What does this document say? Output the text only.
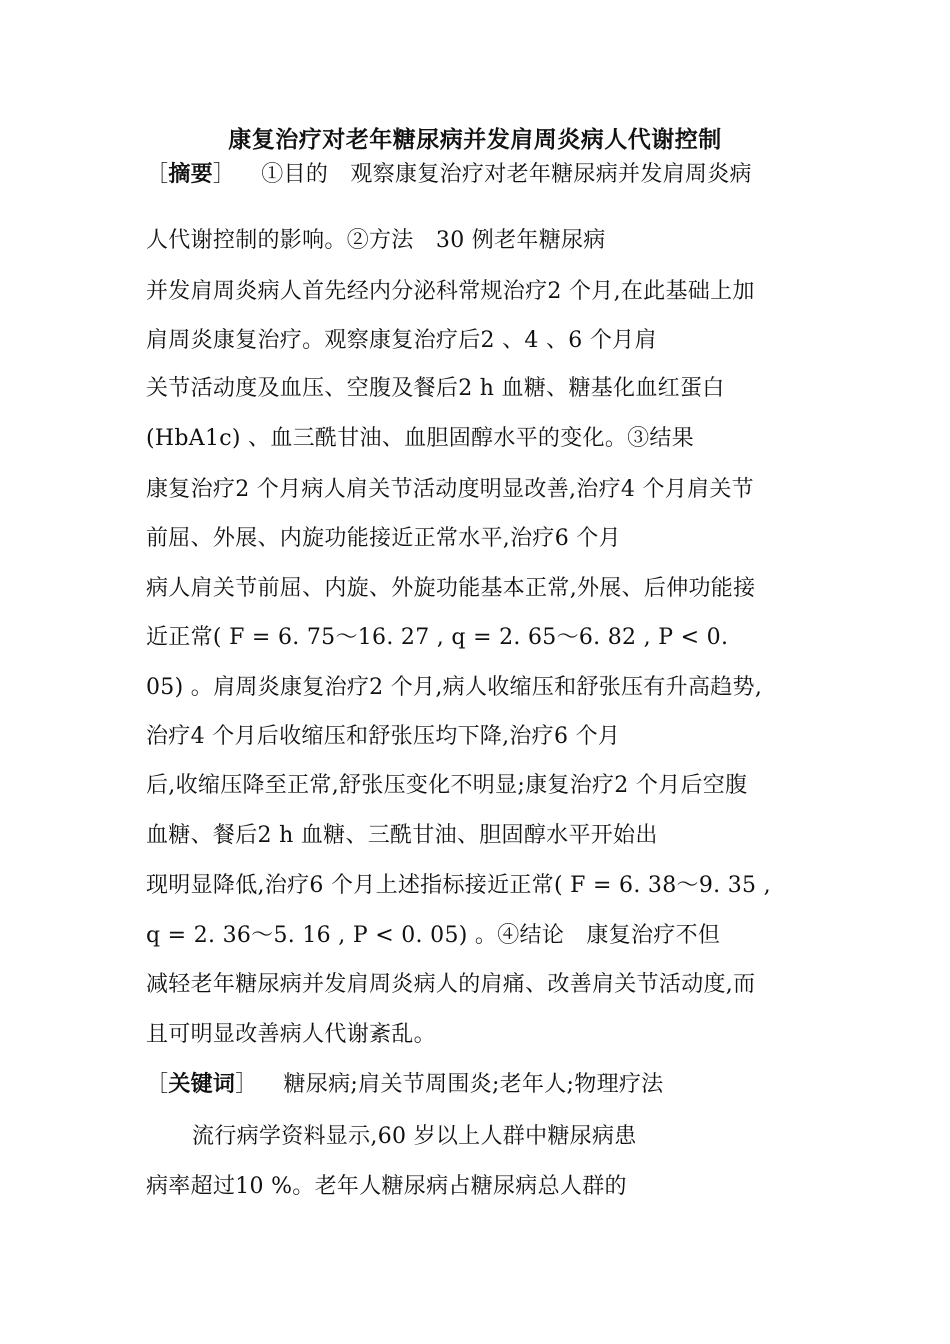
康复治疗对老年糖尿病并发肩周炎病人代谢控制
［摘要］ ①目的　观察康复治疗对老年糖尿病并发肩周炎病
人代谢控制的影响。②方法　30 例老年糖尿病
并发肩周炎病人首先经内分泌科常规治疗2 个月,在此基础上加
肩周炎康复治疗。观察康复治疗后2 、4 、6 个月肩
关节活动度及血压、空腹及餐后2 h 血糖、糖基化血红蛋白
(HbA1c) 、血三酰甘油、血胆固醇水平的变化。③结果
康复治疗2 个月病人肩关节活动度明显改善,治疗4 个月肩关节
前屈、外展、内旋功能接近正常水平,治疗6 个月
病人肩关节前屈、内旋、外旋功能基本正常,外展、后伸功能接
近正常( F = 6. 75～16. 27 , q = 2. 65～6. 82 , P < 0.
05) 。肩周炎康复治疗2 个月,病人收缩压和舒张压有升高趋势,
治疗4 个月后收缩压和舒张压均下降,治疗6 个月
后,收缩压降至正常,舒张压变化不明显;康复治疗2 个月后空腹
血糖、餐后2 h 血糖、三酰甘油、胆固醇水平开始出
现明显降低,治疗6 个月上述指标接近正常( F = 6. 38～9. 35 ,
q = 2. 36～5. 16 , P < 0. 05) 。④结论　康复治疗不但
减轻老年糖尿病并发肩周炎病人的肩痛、改善肩关节活动度,而
且可明显改善病人代谢紊乱。
［关键词］ 糖尿病;肩关节周围炎;老年人;物理疗法
流行病学资料显示,60 岁以上人群中糖尿病患
病率超过10 %。老年人糖尿病占糖尿病总人群的
